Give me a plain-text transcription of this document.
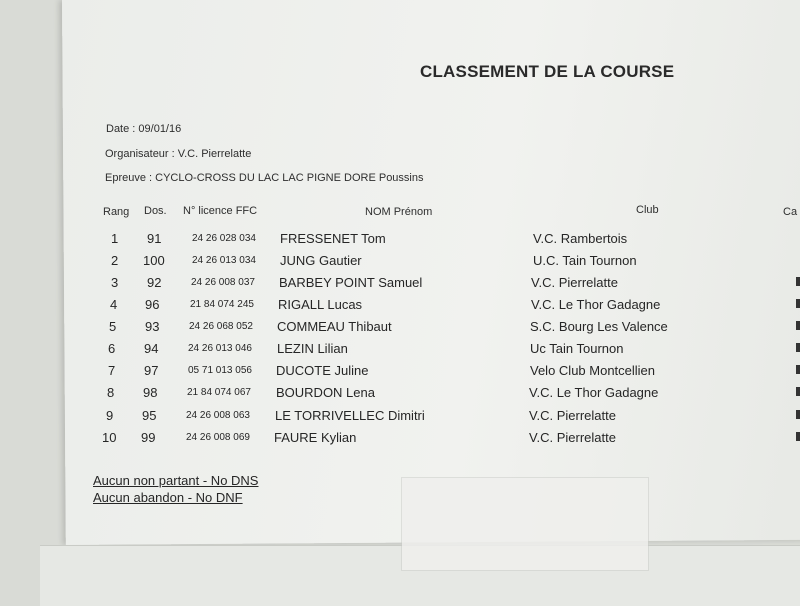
CLASSEMENT DE LA COURSE
Date : 09/01/16
Organisateur : V.C. Pierrelatte
Epreuve : CYCLO-CROSS DU LAC LAC PIGNE DORE Poussins
Rang Dos. N° licence FFC	NOM Prénom	Club	Ca
1 91	24 26 028 034 FRESSENET Tom	V.C. Rambertois
2 100	24 26 013 034 JUNG Gautier	U.C. Tain Tournon
3 92	24 26 008 037 BARBEY POINT Samuel	V.C. Pierrelatte
4 96	21 84 074 245 RIGALL Lucas	V.C. Le Thor Gadagne
5 93	24 26 068 052 COMMEAU Thibaut	S.C. Bourg Les Valence
6 94	24 26 013 046 LEZIN Lilian	Uc Tain Tournon
7 97	05 71 013 056 DUCOTE Juline	Velo Club Montcellien
8 98	21 84 074 067 BOURDON Lena	V.C. Le Thor Gadagne
9 95	24 26 008 063 LE TORRIVELLEC Dimitri	V.C. Pierrelatte
10 99	24 26 008 069 FAURE Kylian	V.C. Pierrelatte
Aucun non partant - No DNS
Aucun abandon - No DNF
